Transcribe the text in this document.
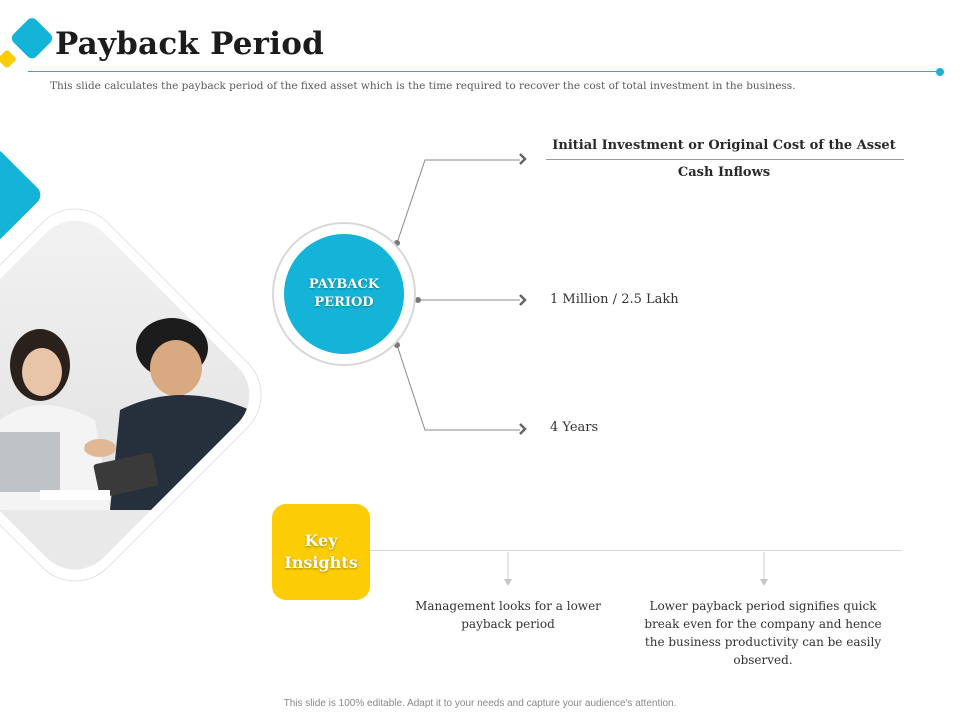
Payback Period
This slide calculates the payback period of the fixed asset which is the time required to recover the cost of total investment in the business.
PAYBACK
PERIOD
Initial Investment or Original Cost of the Asset
Cash Inflows
1 Million / 2.5 Lakh
4 Years
Key
Insights
Management looks for a lower payback period
Lower payback period signifies quick break even for the company and hence the business productivity can be easily observed.
This slide is 100% editable. Adapt it to your needs and capture your audience's attention.
